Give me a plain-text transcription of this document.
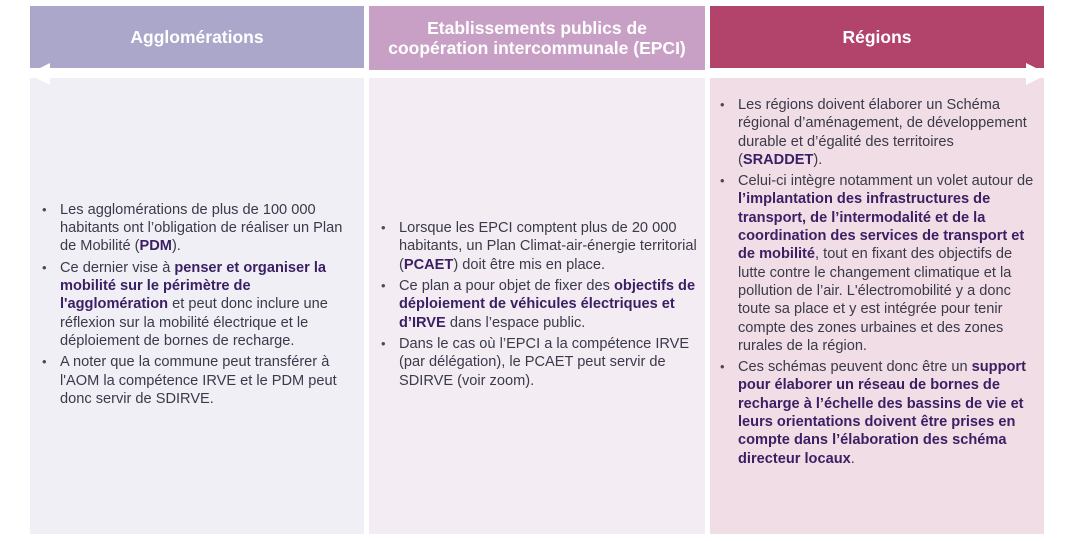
Agglomérations	Etablissements publics de coopération intercommunale (EPCI)
Régions
• Les agglomérations de plus de 100 000 habitants ont l’obligation de réaliser un Plan de Mobilité (PDM).
• Ce dernier vise à penser et organiser la mobilité sur le périmètre de l'agglomération et peut donc inclure une réflexion sur la mobilité électrique et le déploiement de bornes de recharge.
• A noter que la commune peut transférer à l'AOM la compétence IRVE et le PDM peut donc servir de SDIRVE.
• Lorsque les EPCI comptent plus de 20 000 habitants, un Plan Climat-air-énergie territorial (PCAET) doit être mis en place.
• Ce plan a pour objet de fixer des objectifs de déploiement de véhicules électriques et d’IRVE dans l’espace public.
• Dans le cas où l’EPCI a la compétence IRVE (par délégation), le PCAET peut servir de SDIRVE (voir zoom).
• Les régions doivent élaborer un Schéma régional d’aménagement, de développement durable et d’égalité des territoires (SRADDET).
• Celui-ci intègre notamment un volet autour de l’implantation des infrastructures de transport, de l’intermodalité et de la coordination des services de transport et de mobilité, tout en fixant des objectifs de lutte contre le changement climatique et la pollution de l’air. L'électromobilité y a donc toute sa place et y est intégrée pour tenir compte des zones urbaines et des zones rurales de la région.
• Ces schémas peuvent donc être un support pour élaborer un réseau de bornes de recharge à l’échelle des bassins de vie et leurs orientations doivent être prises en compte dans l’élaboration des schéma directeur locaux.
